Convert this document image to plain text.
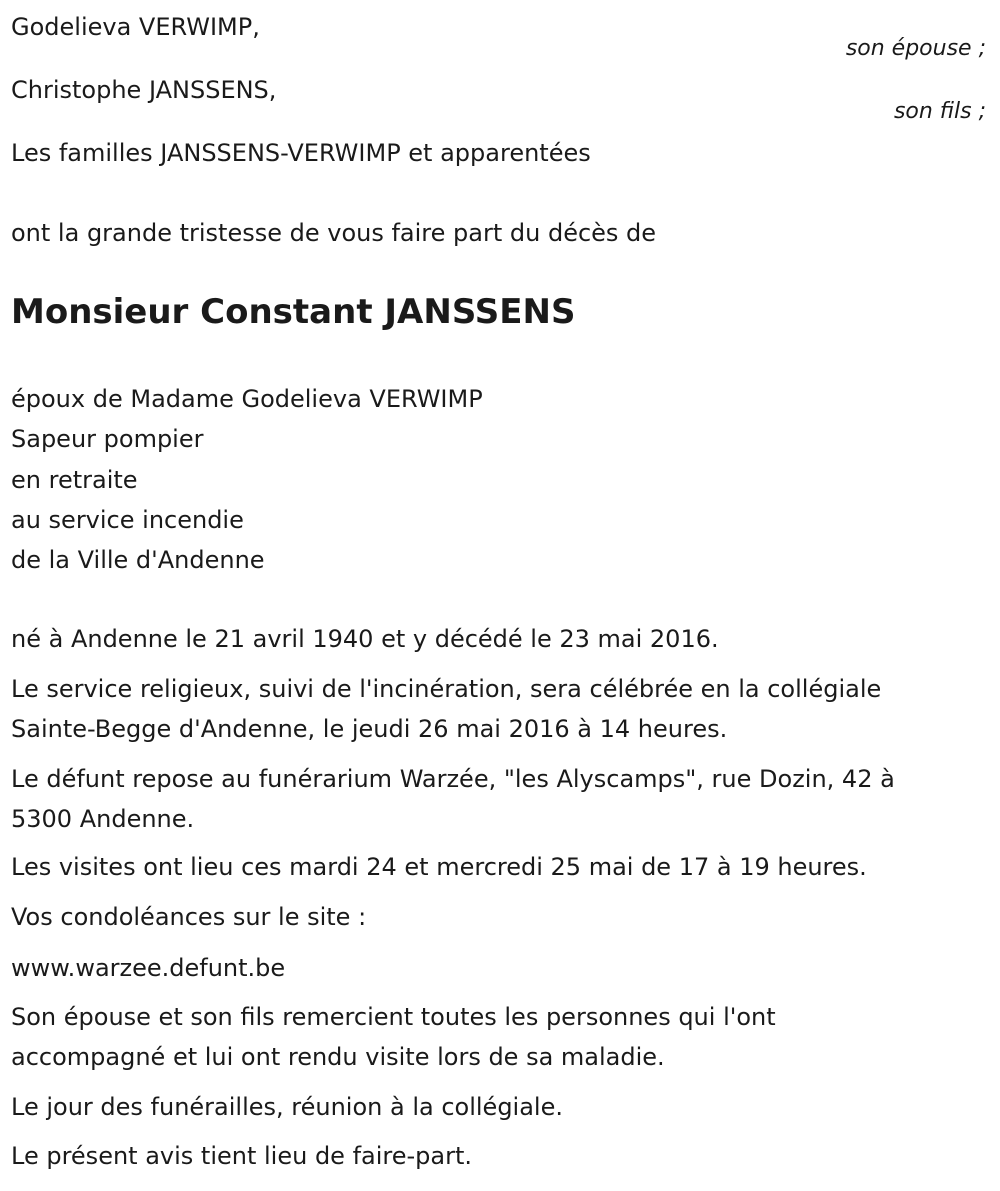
Godelieva VERWIMP,
son épouse ;
Christophe JANSSENS,
son fils ;
Les familles JANSSENS-VERWIMP et apparentées
ont la grande tristesse de vous faire part du décès de
Monsieur Constant JANSSENS
époux de Madame Godelieva VERWIMP
Sapeur pompier
en retraite
au service incendie
de la Ville d'Andenne
né à Andenne le 21 avril 1940 et y décédé le 23 mai 2016.
Le service religieux, suivi de l'incinération, sera célébrée en la collégiale
Sainte-Begge d'Andenne, le jeudi 26 mai 2016 à 14 heures.
Le défunt repose au funérarium Warzée, "les Alyscamps", rue Dozin, 42 à
5300 Andenne.
Les visites ont lieu ces mardi 24 et mercredi 25 mai de 17 à 19 heures.
Vos condoléances sur le site :
www.warzee.defunt.be
Son épouse et son fils remercient toutes les personnes qui l'ont
accompagné et lui ont rendu visite lors de sa maladie.
Le jour des funérailles, réunion à la collégiale.
Le présent avis tient lieu de faire-part.
